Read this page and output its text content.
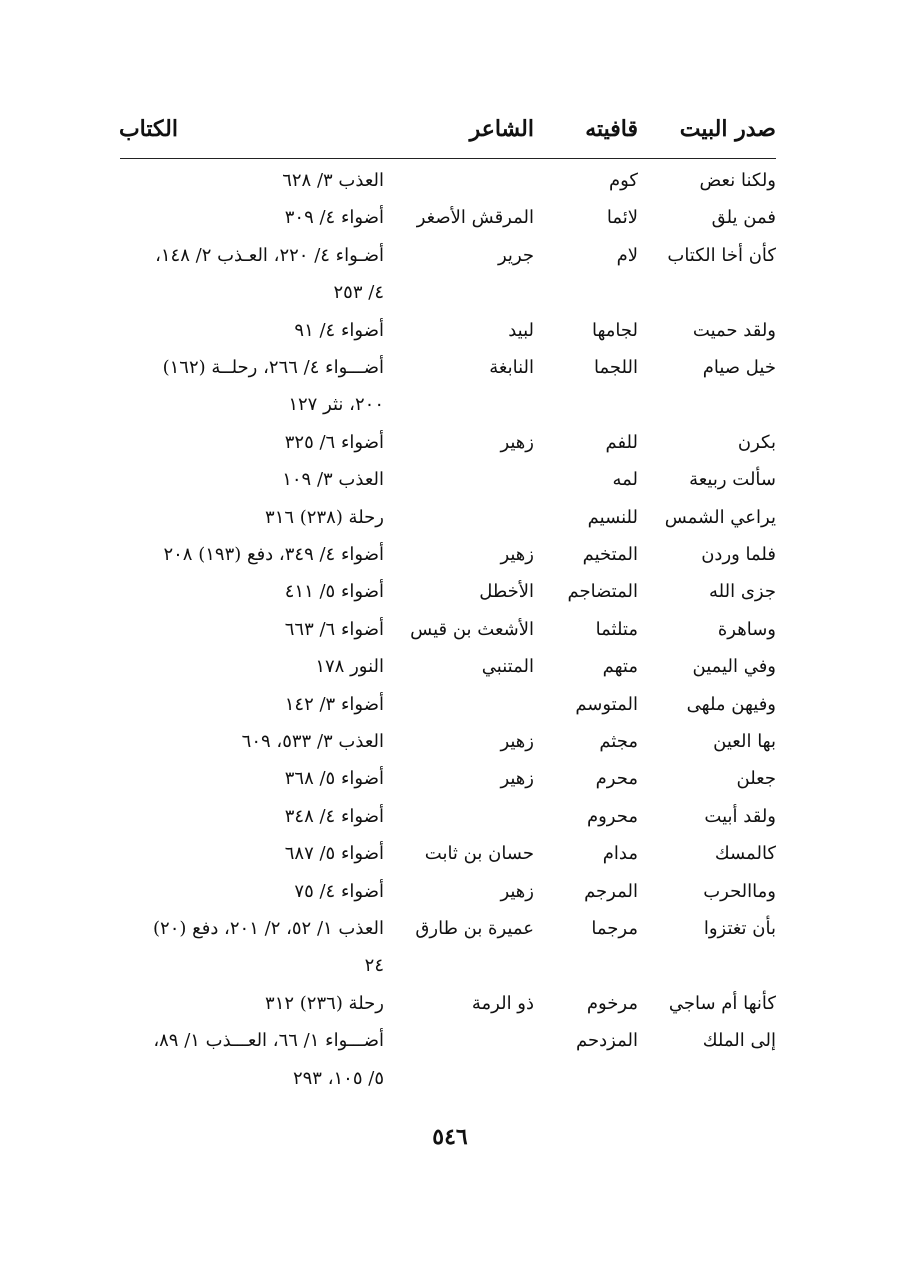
صدر البيت
قافيته
الشاعر
الكتاب
ولكنا نعض
كوم
العذب ٣/ ٦٢٨
فمن يلق
لائما
المرقش الأصغر
أضواء ٤/ ٣٠٩
كأن أخا الكتاب
لام
جرير
أضـواء ٤/ ٢٢٠، العـذب ٢/ ١٤٨،
٤/ ٢٥٣
ولقد حميت
لجامها
لبيد
أضواء ٤/ ٩١
خيل صيام
اللجما
النابغة
أضـــواء ٤/ ٢٦٦، رحلــة (١٦٢)
٢٠٠، نثر ١٢٧
بكرن
للفم
زهير
أضواء ٦/ ٣٢٥
سألت ربيعة
لمه
العذب ٣/ ١٠٩
يراعي الشمس
للنسيم
رحلة (٢٣٨) ٣١٦
فلما وردن
المتخيم
زهير
أضواء ٤/ ٣٤٩، دفع (١٩٣) ٢٠٨
جزى الله
المتضاجم
الأخطل
أضواء ٥/ ٤١١
وساهرة
متلثما
الأشعث بن قيس
أضواء ٦/ ٦٦٣
وفي اليمين
متهم
المتنبي
النور ١٧٨
وفيهن ملهى
المتوسم
أضواء ٣/ ١٤٢
بها العين
مجثم
زهير
العذب ٣/ ٥٣٣، ٦٠٩
جعلن
محرم
زهير
أضواء ٥/ ٣٦٨
ولقد أبيت
محروم
أضواء ٤/ ٣٤٨
كالمسك
مدام
حسان بن ثابت
أضواء ٥/ ٦٨٧
وماالحرب
المرجم
زهير
أضواء ٤/ ٧٥
بأن تغتزوا
مرجما
عميرة بن طارق
العذب ١/ ٥٢، ٢/ ٢٠١، دفع (٢٠)
٢٤
كأنها أم ساجي
مرخوم
ذو الرمة
رحلة (٢٣٦) ٣١٢
إلى الملك
المزدحم
أضـــواء ١/ ٦٦، العـــذب ١/ ٨٩،
٥/ ١٠٥، ٢٩٣
٥٤٦
